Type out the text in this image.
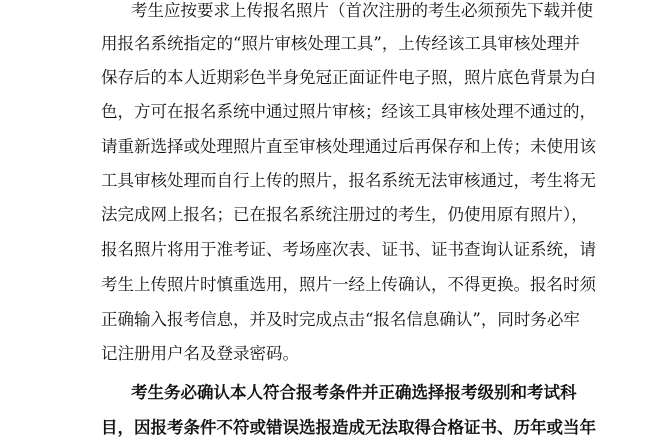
考生应按要求上传报名照片（首次注册的考生必须预先下载并使
用报名系统指定的“照片审核处理工具”，上传经该工具审核处理并
保存后的本人近期彩色半身免冠正面证件电子照，照片底色背景为白
色，方可在报名系统中通过照片审核；经该工具审核处理不通过的，
请重新选择或处理照片直至审核处理通过后再保存和上传；未使用该
工具审核处理而自行上传的照片，报名系统无法审核通过，考生将无
法完成网上报名；已在报名系统注册过的考生，仍使用原有照片），
报名照片将用于准考证、考场座次表、证书、证书查询认证系统，请
考生上传照片时慎重选用，照片一经上传确认，不得更换。报名时须
正确输入报考信息，并及时完成点击“报名信息确认”，同时务必牢
记注册用户名及登录密码。
考生务必确认本人符合报考条件并正确选择报考级别和考试科
目，因报考条件不符或错误选报造成无法取得合格证书、历年或当年
